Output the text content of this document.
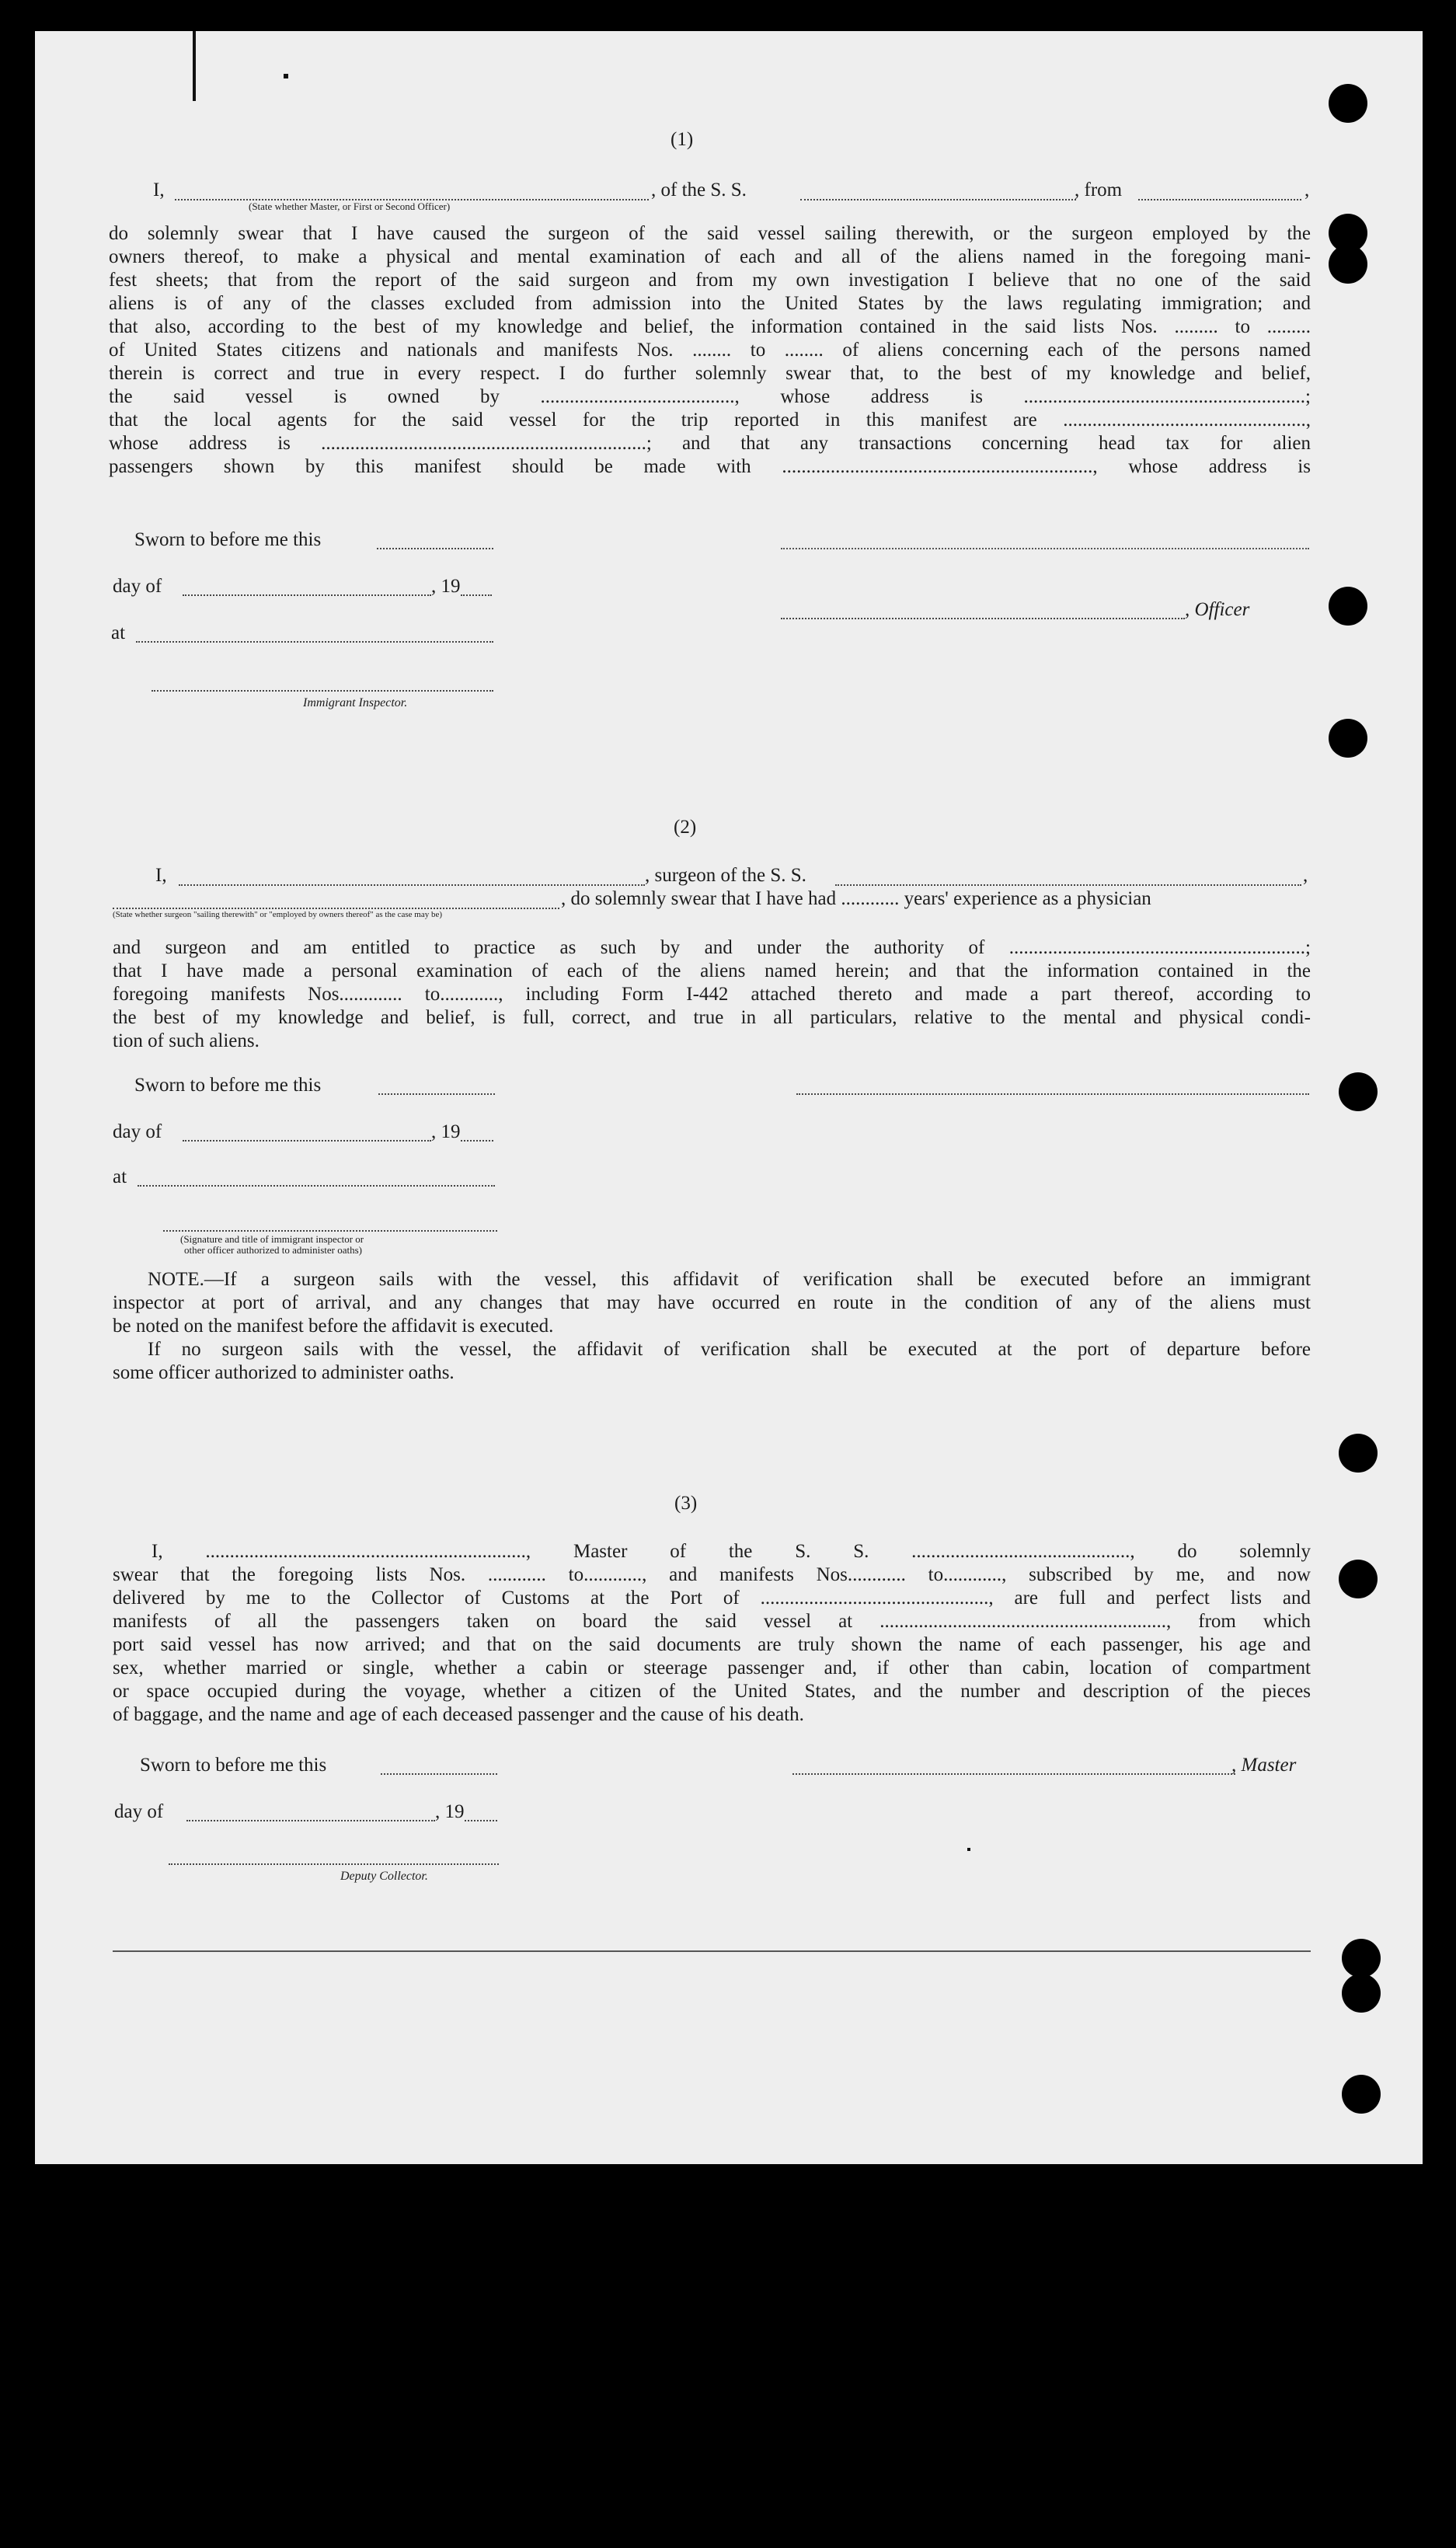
(1)
I,	, of the S. S.	, from	,
(State whether Master, or First or Second Officer)
do solemnly swear that I have caused the surgeon of the said vessel sailing therewith, or the surgeon employed by the
owners thereof, to make a physical and mental examination of each and all of the aliens named in the foregoing mani-
fest sheets; that from the report of the said surgeon and from my own investigation I believe that no one of the said
aliens is of any of the classes excluded from admission into the United States by the laws regulating immigration; and
that also, according to the best of my knowledge and belief, the information contained in the said lists Nos. ......... to .........
of United States citizens and nationals and manifests Nos. ........ to ........ of aliens concerning each of the persons named
therein is correct and true in every respect. I do further solemnly swear that, to the best of my knowledge and belief,
the said vessel is owned by ........................................, whose address is ..........................................................;
that the local agents for the said vessel for the trip reported in this manifest are ..................................................,
whose address is ...................................................................; and that any transactions concerning head tax for alien
passengers shown by this manifest should be made with ................................................................, whose address is
Sworn to before me this
day of	, 19
, Officer
at
Immigrant Inspector.
(2)
I,	, surgeon of the S. S.	,
, do solemnly swear that I have had ............ years' experience as a physician
(State whether surgeon "sailing therewith" or "employed by owners thereof" as the case may be)
and surgeon and am entitled to practice as such by and under the authority of .............................................................;
that I have made a personal examination of each of the aliens named herein; and that the information contained in the
foregoing manifests Nos............. to............, including Form I-442 attached thereto and made a part thereof, according to
the best of my knowledge and belief, is full, correct, and true in all particulars, relative to the mental and physical condi-
tion of such aliens.
Sworn to before me this
day of	, 19
at
(Signature and title of immigrant inspector or
other officer authorized to administer oaths)
NOTE.—If a surgeon sails with the vessel, this affidavit of verification shall be executed before an immigrant
inspector at port of arrival, and any changes that may have occurred en route in the condition of any of the aliens must
be noted on the manifest before the affidavit is executed.
If no surgeon sails with the vessel, the affidavit of verification shall be executed at the port of departure before
some officer authorized to administer oaths.
(3)
I, .................................................................., Master of the S. S. ............................................., do solemnly
swear that the foregoing lists Nos. ............ to............, and manifests Nos............ to............, subscribed by me, and now
delivered by me to the Collector of Customs at the Port of ..............................................., are full and perfect lists and
manifests of all the passengers taken on board the said vessel at ..........................................................., from which
port said vessel has now arrived; and that on the said documents are truly shown the name of each passenger, his age and
sex, whether married or single, whether a cabin or steerage passenger and, if other than cabin, location of compartment
or space occupied during the voyage, whether a citizen of the United States, and the number and description of the pieces
of baggage, and the name and age of each deceased passenger and the cause of his death.
Sworn to before me this	, Master
day of	, 19
Deputy Collector.
